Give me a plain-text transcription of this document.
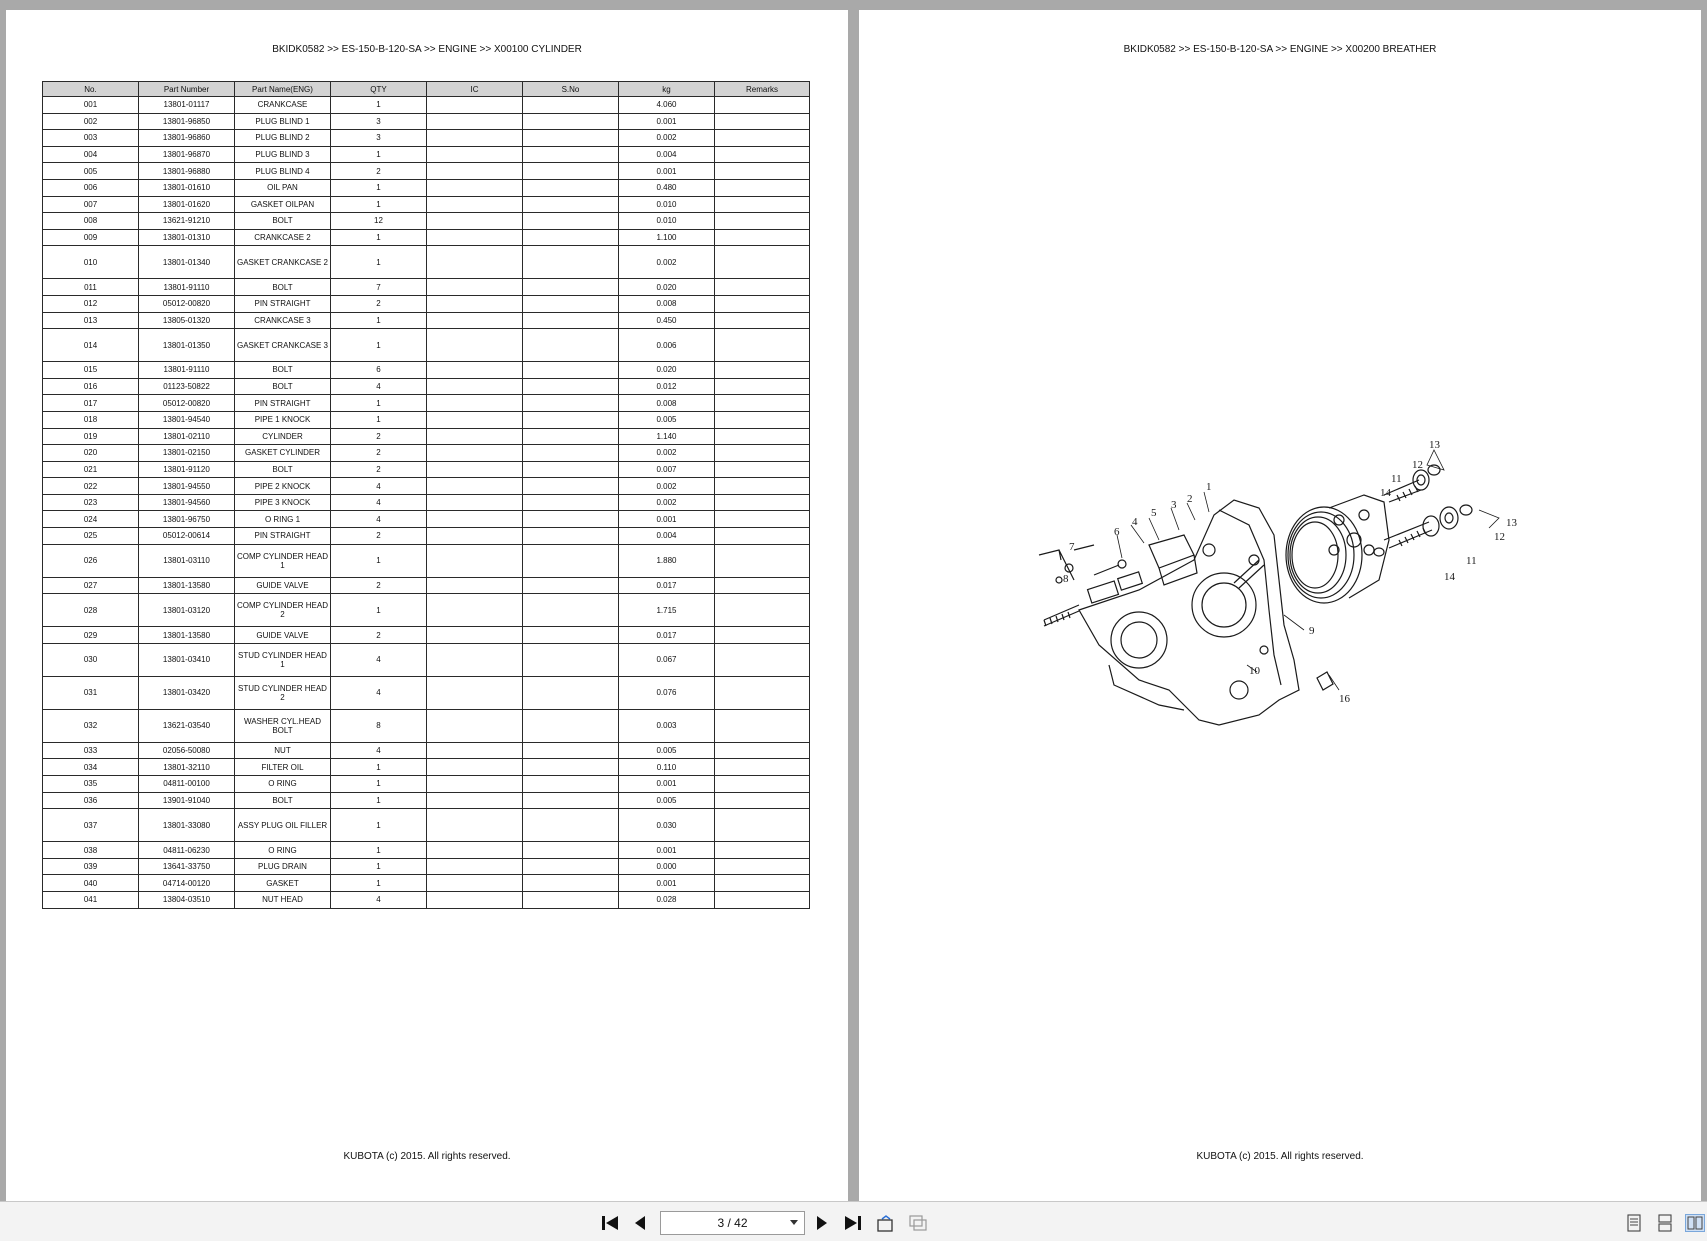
BKIDK0582 >> ES-150-B-120-SA >> ENGINE >> X00100 CYLINDER
No.	Part Number	Part Name(ENG)	QTY	IC	S.No	kg	Remarks
001	13801-01117	CRANKCASE	1			4.060	
002	13801-96850	PLUG BLIND 1	3			0.001	
003	13801-96860	PLUG BLIND 2	3			0.002	
004	13801-96870	PLUG BLIND 3	1			0.004	
005	13801-96880	PLUG BLIND 4	2			0.001	
006	13801-01610	OIL PAN	1			0.480	
007	13801-01620	GASKET OILPAN	1			0.010	
008	13621-91210	BOLT	12			0.010	
009	13801-01310	CRANKCASE 2	1			1.100	
010	13801-01340	GASKET CRANKCASE 2	1			0.002	
011	13801-91110	BOLT	7			0.020	
012	05012-00820	PIN STRAIGHT	2			0.008	
013	13805-01320	CRANKCASE 3	1			0.450	
014	13801-01350	GASKET CRANKCASE 3	1			0.006	
015	13801-91110	BOLT	6			0.020	
016	01123-50822	BOLT	4			0.012	
017	05012-00820	PIN STRAIGHT	1			0.008	
018	13801-94540	PIPE 1 KNOCK	1			0.005	
019	13801-02110	CYLINDER	2			1.140	
020	13801-02150	GASKET CYLINDER	2			0.002	
021	13801-91120	BOLT	2			0.007	
022	13801-94550	PIPE 2 KNOCK	4			0.002	
023	13801-94560	PIPE 3 KNOCK	4			0.002	
024	13801-96750	O RING 1	4			0.001	
025	05012-00614	PIN STRAIGHT	2			0.004	
026	13801-03110	COMP CYLINDER HEAD 1	1			1.880	
027	13801-13580	GUIDE VALVE	2			0.017	
028	13801-03120	COMP CYLINDER HEAD 2	1			1.715	
029	13801-13580	GUIDE VALVE	2			0.017	
030	13801-03410	STUD CYLINDER HEAD 1	4			0.067	
031	13801-03420	STUD CYLINDER HEAD 2	4			0.076	
032	13621-03540	WASHER CYL.HEAD BOLT	8			0.003	
033	02056-50080	NUT	4			0.005	
034	13801-32110	FILTER OIL	1			0.110	
035	04811-00100	O RING	1			0.001	
036	13901-91040	BOLT	1			0.005	
037	13801-33080	ASSY PLUG OIL FILLER	1			0.030	
038	04811-06230	O RING	1			0.001	
039	13641-33750	PLUG DRAIN	1			0.000	
040	04714-00120	GASKET	1			0.001	
041	13804-03510	NUT HEAD	4			0.028	
KUBOTA (c) 2015. All rights reserved.
BKIDK0582 >> ES-150-B-120-SA >> ENGINE >> X00200 BREATHER
13
12
11
14
1
2
3
5
4
6
7
8
9
10
13
12
11
14
16
KUBOTA (c) 2015. All rights reserved.
3 / 42
